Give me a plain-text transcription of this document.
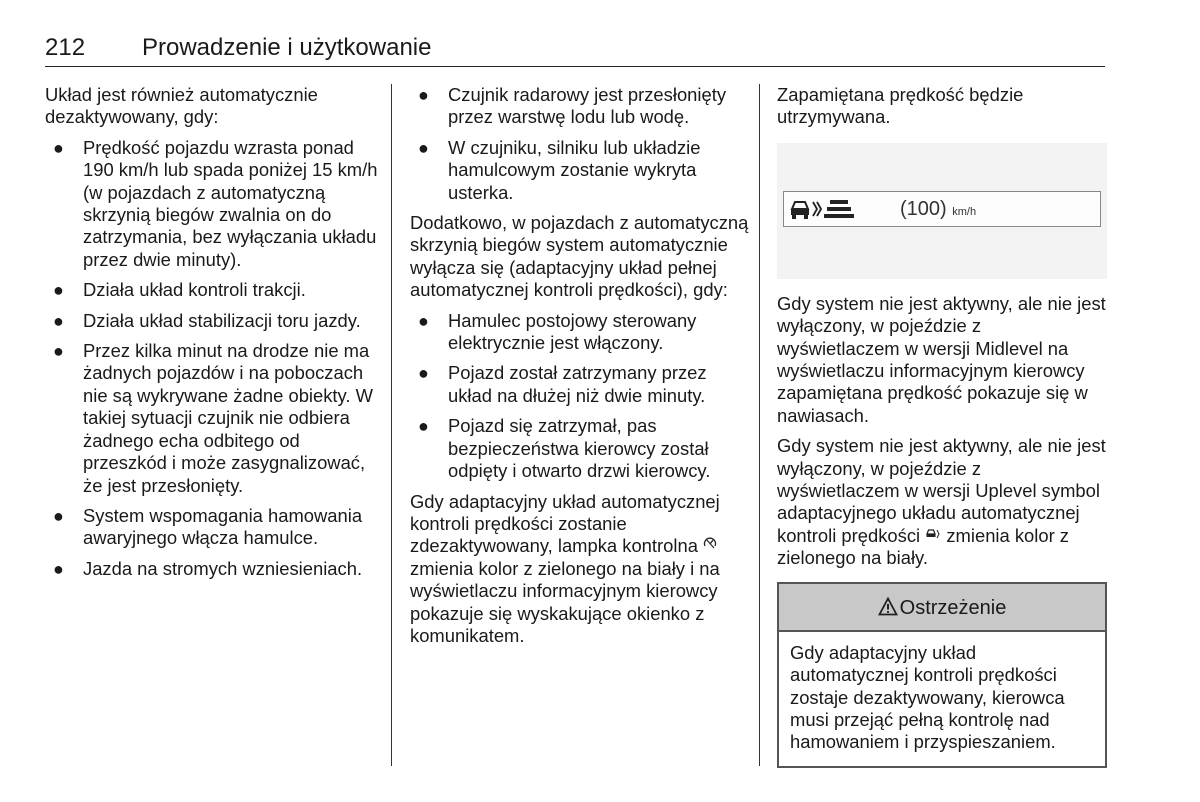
212 Prowadzenie i użytkowanie

Układ jest również automatycznie dezaktywowany, gdy:

● Prędkość pojazdu wzrasta ponad 190 km/h lub spada poniżej 15 km/h (w pojazdach z automatyczną skrzynią biegów zwalnia on do zatrzymania, bez wyłączania układu przez dwie minuty).
● Działa układ kontroli trakcji.
● Działa układ stabilizacji toru jazdy.
● Przez kilka minut na drodze nie ma żadnych pojazdów i na poboczach nie są wykrywane żadne obiekty. W takiej sytuacji czujnik nie odbiera żadnego echa odbitego od przeszkód i może zasygnalizować, że jest przesłonięty.
● System wspomagania hamowania awaryjnego włącza hamulce.
● Jazda na stromych wzniesieniach.
● Czujnik radarowy jest przesłonięty przez warstwę lodu lub wodę.
● W czujniku, silniku lub układzie hamulcowym zostanie wykryta usterka.

Dodatkowo, w pojazdach z automatyczną skrzynią biegów system automatycznie wyłącza się (adaptacyjny układ pełnej automatycznej kontroli prędkości), gdy:

● Hamulec postojowy sterowany elektrycznie jest włączony.
● Pojazd został zatrzymany przez układ na dłużej niż dwie minuty.
● Pojazd się zatrzymał, pas bezpieczeństwa kierowcy został odpięty i otwarto drzwi kierowcy.

Gdy adaptacyjny układ automatycznej kontroli prędkości zostanie zdezaktywowany, lampka kontrolna  zmienia kolor z zielonego na biały i na wyświetlaczu informacyjnym kierowcy pokazuje się wyskakujące okienko z komunikatem.

Zapamiętana prędkość będzie utrzymywana.

(100) km/h

Gdy system nie jest aktywny, ale nie jest wyłączony, w pojeździe z wyświetlaczem w wersji Midlevel na wyświetlaczu informacyjnym kierowcy zapamiętana prędkość pokazuje się w nawiasach.

Gdy system nie jest aktywny, ale nie jest wyłączony, w pojeździe z wyświetlaczem w wersji Uplevel symbol adaptacyjnego układu automatycznej kontroli prędkości zmienia kolor z zielonego na biały.

Ostrzeżenie
Gdy adaptacyjny układ automatycznej kontroli prędkości zostaje dezaktywowany, kierowca musi przejąć pełną kontrolę nad hamowaniem i przyspieszaniem.
